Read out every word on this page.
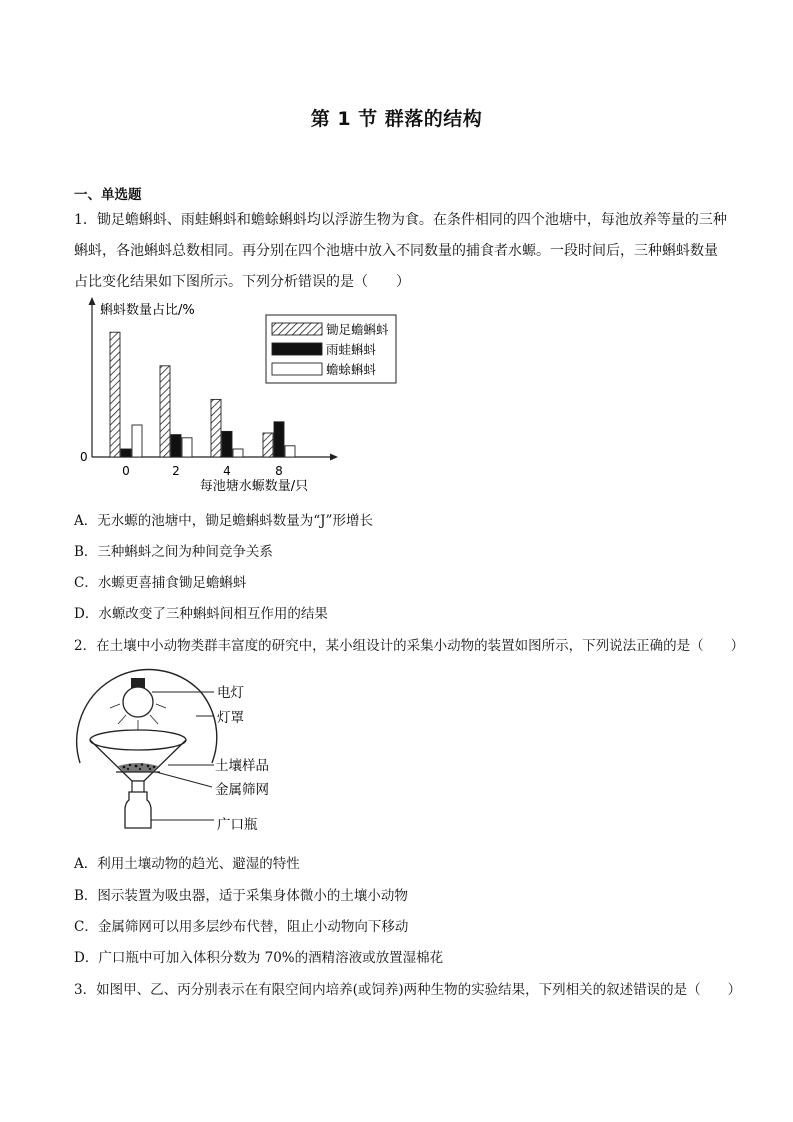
第 1 节 群落的结构
一、单选题
1．锄足蟾蝌蚪、雨蛙蝌蚪和蟾蜍蝌蚪均以浮游生物为食。在条件相同的四个池塘中，每池放养等量的三种
蝌蚪，各池蝌蚪总数相同。再分别在四个池塘中放入不同数量的捕食者水螈。一段时间后，三种蝌蚪数量
占比变化结果如下图所示。下列分析错误的是（　　）
蝌蚪数量占比/%
0
每池塘水螈数量/只
0	2	4	8
锄足蟾蝌蚪
雨蛙蝌蚪
蟾蜍蝌蚪
A．无水螈的池塘中，锄足蟾蝌蚪数量为“J”形增长
B．三种蝌蚪之间为种间竞争关系
C．水螈更喜捕食锄足蟾蝌蚪
D．水螈改变了三种蝌蚪间相互作用的结果
2．在土壤中小动物类群丰富度的研究中，某小组设计的采集小动物的装置如图所示，下列说法正确的是（　　）
电灯
灯罩
土壤样品
金属筛网
广口瓶
A．利用土壤动物的趋光、避湿的特性
B．图示装置为吸虫器，适于采集身体微小的土壤小动物
C．金属筛网可以用多层纱布代替，阻止小动物向下移动
D．广口瓶中可加入体积分数为 70%的酒精溶液或放置湿棉花
3．如图甲、乙、丙分别表示在有限空间内培养(或饲养)两种生物的实验结果，下列相关的叙述错误的是（　　）
